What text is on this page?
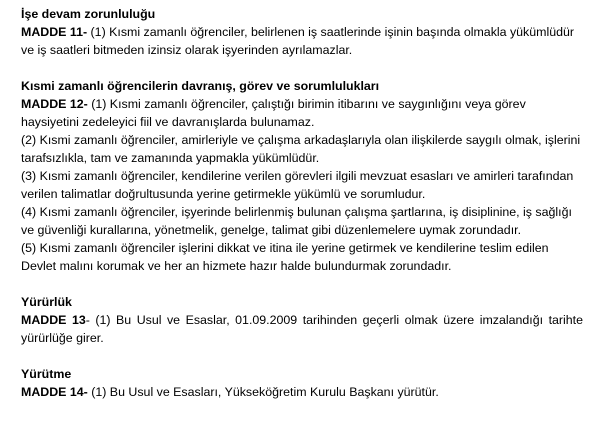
İşe devam zorunluluğu

MADDE 11- (1) Kısmi zamanlı öğrenciler, belirlenen iş saatlerinde işinin başında olmakla yükümlüdür ve iş saatleri bitmeden izinsiz olarak işyerinden ayrılamazlar.

Kısmi zamanlı öğrencilerin davranış, görev ve sorumlulukları

MADDE 12- (1) Kısmi zamanlı öğrenciler, çalıştığı birimin itibarını ve saygınlığını veya görev haysiyetini zedeleyici fiil ve davranışlarda bulunamaz.

(2) Kısmi zamanlı öğrenciler, amirleriyle ve çalışma arkadaşlarıyla olan ilişkilerde saygılı olmak, işlerini tarafsızlıkla, tam ve zamanında yapmakla yükümlüdür.

(3) Kısmi zamanlı öğrenciler, kendilerine verilen görevleri ilgili mevzuat esasları ve amirleri tarafından verilen talimatlar doğrultusunda yerine getirmekle yükümlü ve sorumludur.

(4) Kısmi zamanlı öğrenciler, işyerinde belirlenmiş bulunan çalışma şartlarına, iş disiplinine, iş sağlığı ve güvenliği kurallarına, yönetmelik, genelge, talimat gibi düzenlemelere uymak zorundadır.

(5) Kısmi zamanlı öğrenciler işlerini dikkat ve itina ile yerine getirmek ve kendilerine teslim edilen Devlet malını korumak ve her an hizmete hazır halde bulundurmak zorundadır.

Yürürlük

MADDE 13- (1) Bu Usul ve Esaslar, 01.09.2009 tarihinden geçerli olmak üzere imzalandığı tarihte yürürlüğe girer.

Yürütme

MADDE 14- (1) Bu Usul ve Esasları, Yükseköğretim Kurulu Başkanı yürütür.
